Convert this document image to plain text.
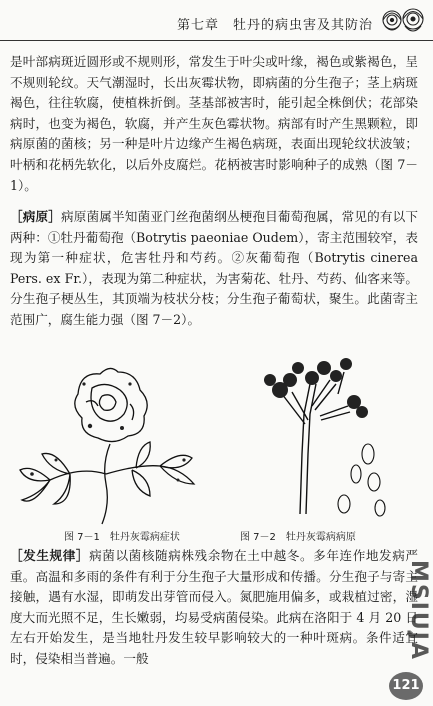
第七章　牡丹的病虫害及其防治

是叶部病斑近圆形或不规则形，常发生于叶尖或叶缘，褐色或紫褐色，呈不规则轮纹。天气潮湿时，长出灰霉状物，即病菌的分生孢子；茎上病斑褐色，往往软腐，使植株折倒。茎基部被害时，能引起全株倒伏；花部染病时，也变为褐色，软腐，并产生灰色霉状物。病部有时产生黑颗粒，即病原菌的菌核；另一种是叶片边缘产生褐色病斑，表面出现轮纹状波皱；叶柄和花柄先软化，以后外皮腐烂。花柄被害时影响种子的成熟（图 7－1）。

［病原］病原菌属半知菌亚门丝孢菌纲丛梗孢目葡萄孢属，常见的有以下两种：①牡丹葡萄孢（Botrytis paeoniae Oudem），寄主范围较窄，表现为第一种症状，危害牡丹和芍药。②灰葡萄孢（Botrytis cinerea Pers. ex Fr.），表现为第二种症状，为害菊花、牡丹、芍药、仙客来等。分生孢子梗丛生，其顶端为枝状分枝；分生孢子葡萄状，聚生。此菌寄主范围广，腐生能力强（图 7－2）。

图 7－1　牡丹灰霉病症状	图 7－2　牡丹灰霉病病原

［发生规律］病菌以菌核随病株残余物在土中越冬。多年连作地发病严重。高温和多雨的条件有利于分生孢子大量形成和传播。分生孢子与寄主接触，遇有水湿，即萌发出芽管而侵入。氮肥施用偏多，或栽植过密，湿度大而光照不足，生长嫩弱，均易受病菌侵染。此病在洛阳于 4 月 20 日左右开始发生，是当地牡丹发生较早影响较大的一种叶斑病。条件适宜时，侵染相当普遍。一般	MSIUJA
121
